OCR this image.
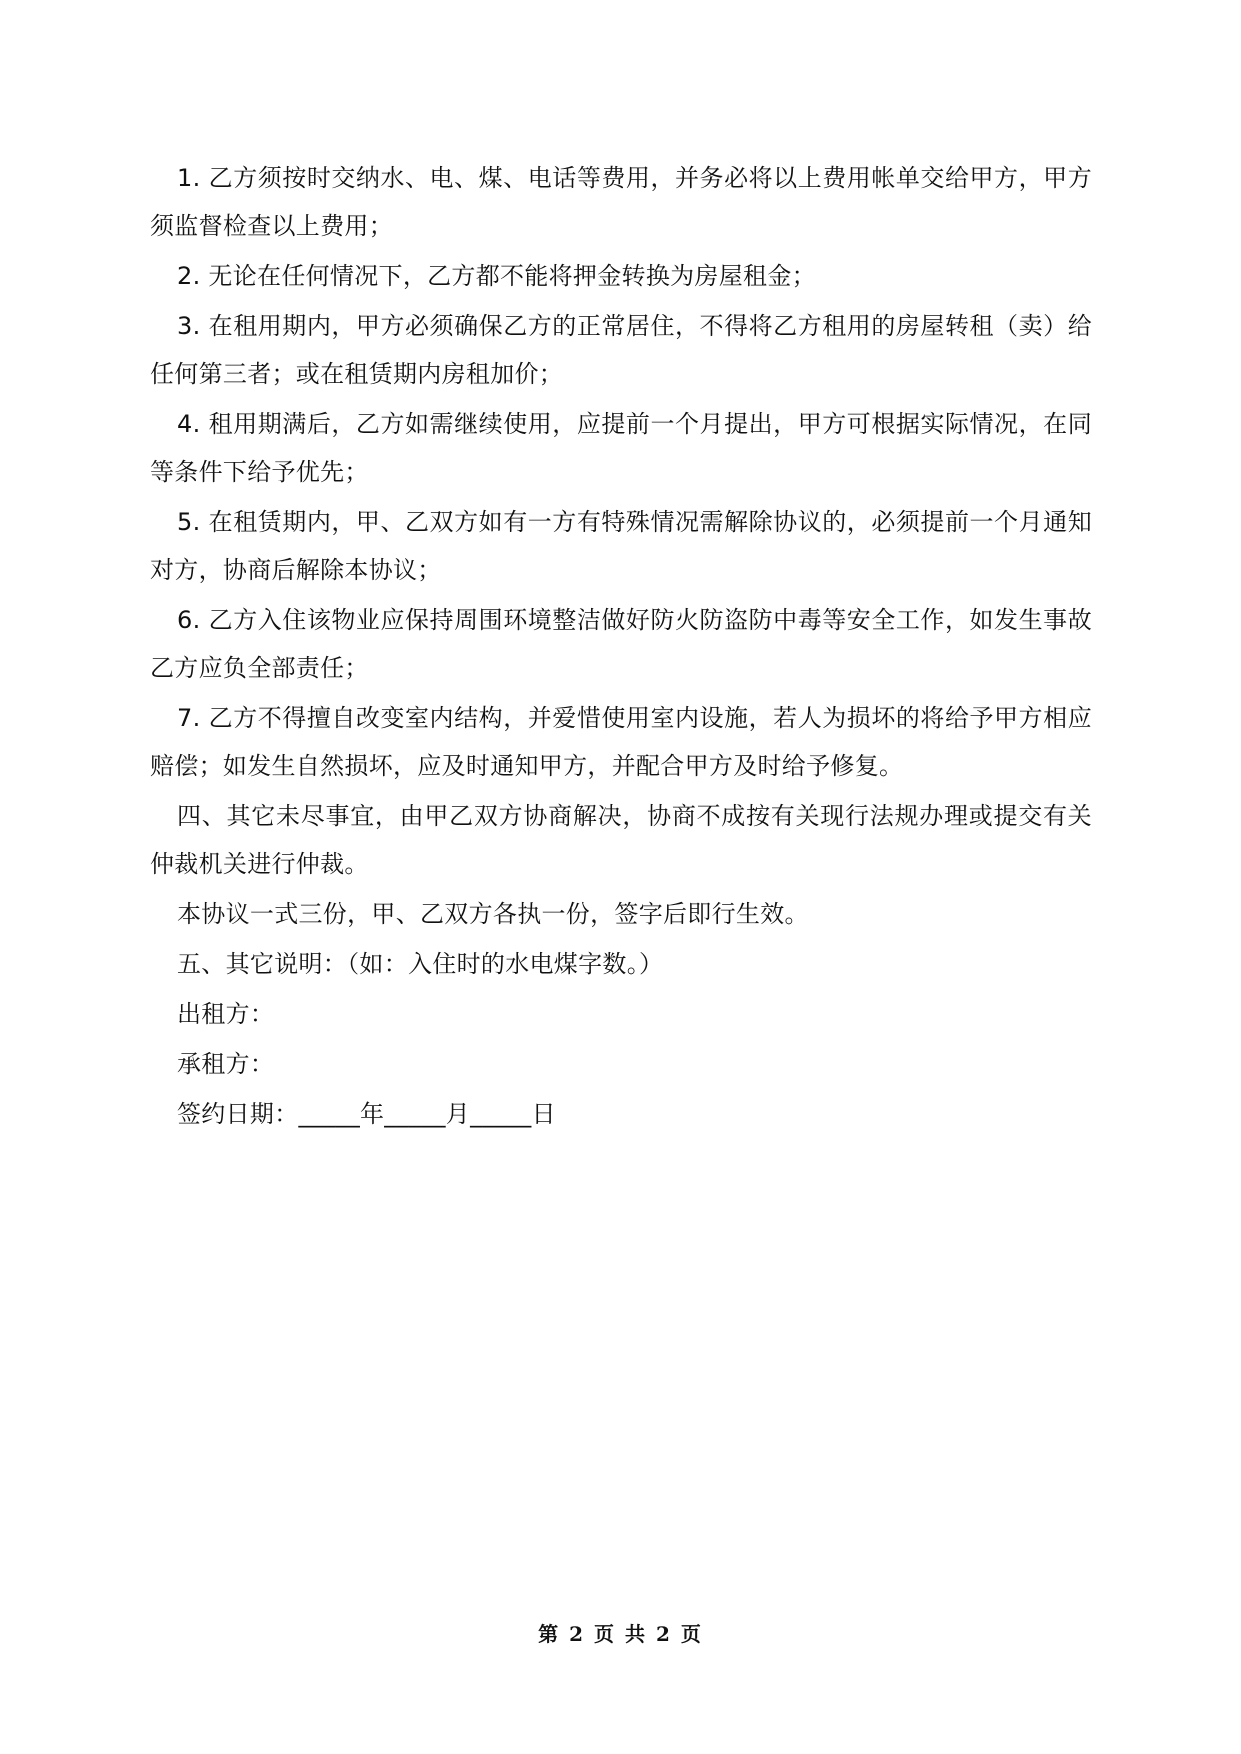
1. 乙方须按时交纳水、电、煤、电话等费用，并务必将以上费用帐单交给甲方，甲方须监督检查以上费用；

2. 无论在任何情况下，乙方都不能将押金转换为房屋租金；

3. 在租用期内，甲方必须确保乙方的正常居住，不得将乙方租用的房屋转租（卖）给任何第三者；或在租赁期内房租加价；

4. 租用期满后，乙方如需继续使用，应提前一个月提出，甲方可根据实际情况，在同等条件下给予优先；

5. 在租赁期内，甲、乙双方如有一方有特殊情况需解除协议的，必须提前一个月通知对方，协商后解除本协议；

6. 乙方入住该物业应保持周围环境整洁做好防火防盗防中毒等安全工作，如发生事故乙方应负全部责任；

7. 乙方不得擅自改变室内结构，并爱惜使用室内设施，若人为损坏的将给予甲方相应赔偿；如发生自然损坏，应及时通知甲方，并配合甲方及时给予修复。

四、其它未尽事宜，由甲乙双方协商解决，协商不成按有关现行法规办理或提交有关仲裁机关进行仲裁。

本协议一式三份，甲、乙双方各执一份，签字后即行生效。

五、其它说明：（如：入住时的水电煤字数。）

出租方：

承租方：

签约日期：_____年_____月_____日

第 2 页 共 2 页
